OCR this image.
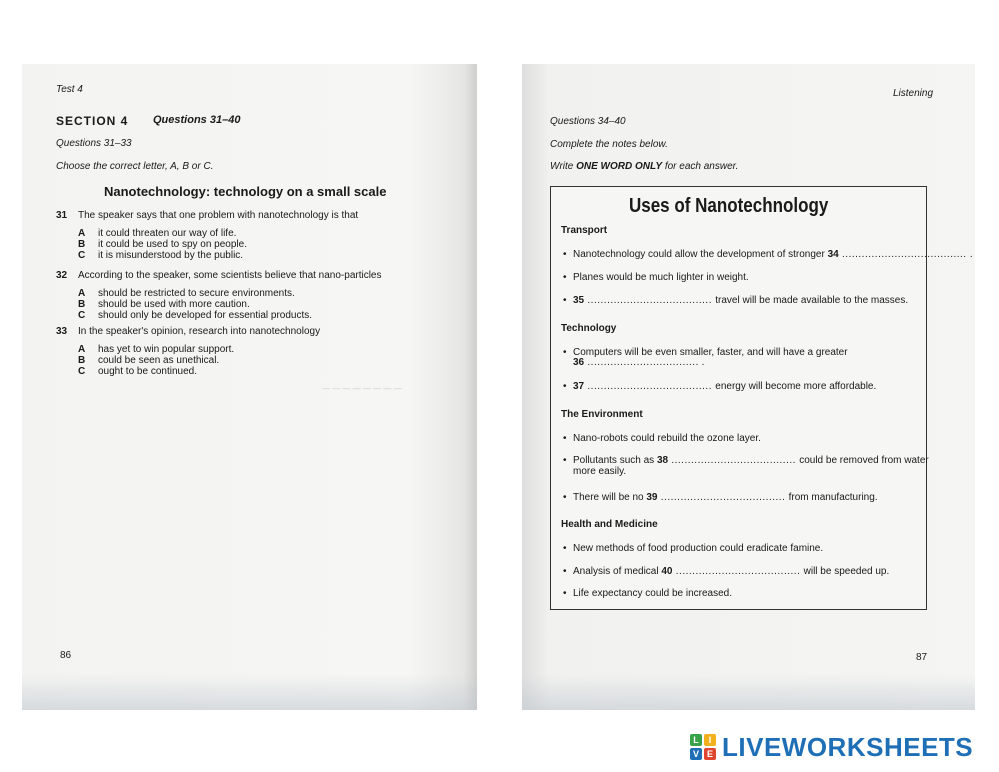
Test 4
SECTION 4 Questions 31–40
Questions 31–33
Choose the correct letter, A, B or C.
Nanotechnology: technology on a small scale
31 The speaker says that one problem with nanotechnology is that
A it could threaten our way of life.
B it could be used to spy on people.
C it is misunderstood by the public.
32 According to the speaker, some scientists believe that nano-particles
A should be restricted to secure environments.
B should be used with more caution.
C should only be developed for essential products.
33 In the speaker's opinion, research into nanotechnology
A has yet to win popular support.
B could be seen as unethical.
C ought to be continued.
— — — — — — — —
86
Listening
Questions 34–40
Complete the notes below.
Write ONE WORD ONLY for each answer.
Uses of Nanotechnology
Transport
• Nanotechnology could allow the development of stronger 34 ...................................... .
• Planes would be much lighter in weight.
• 35 ...................................... travel will be made available to the masses.
Technology
• Computers will be even smaller, faster, and will have a greater
36 .................................. .
• 37 ...................................... energy will become more affordable.
The Environment
• Nano-robots could rebuild the ozone layer.
• Pollutants such as 38 ...................................... could be removed from water
more easily.
• There will be no 39 ...................................... from manufacturing.
Health and Medicine
• New methods of food production could eradicate famine.
• Analysis of medical 40 ...................................... will be speeded up.
• Life expectancy could be increased.
87
L	I
V E LIVEWORKSHEETS
